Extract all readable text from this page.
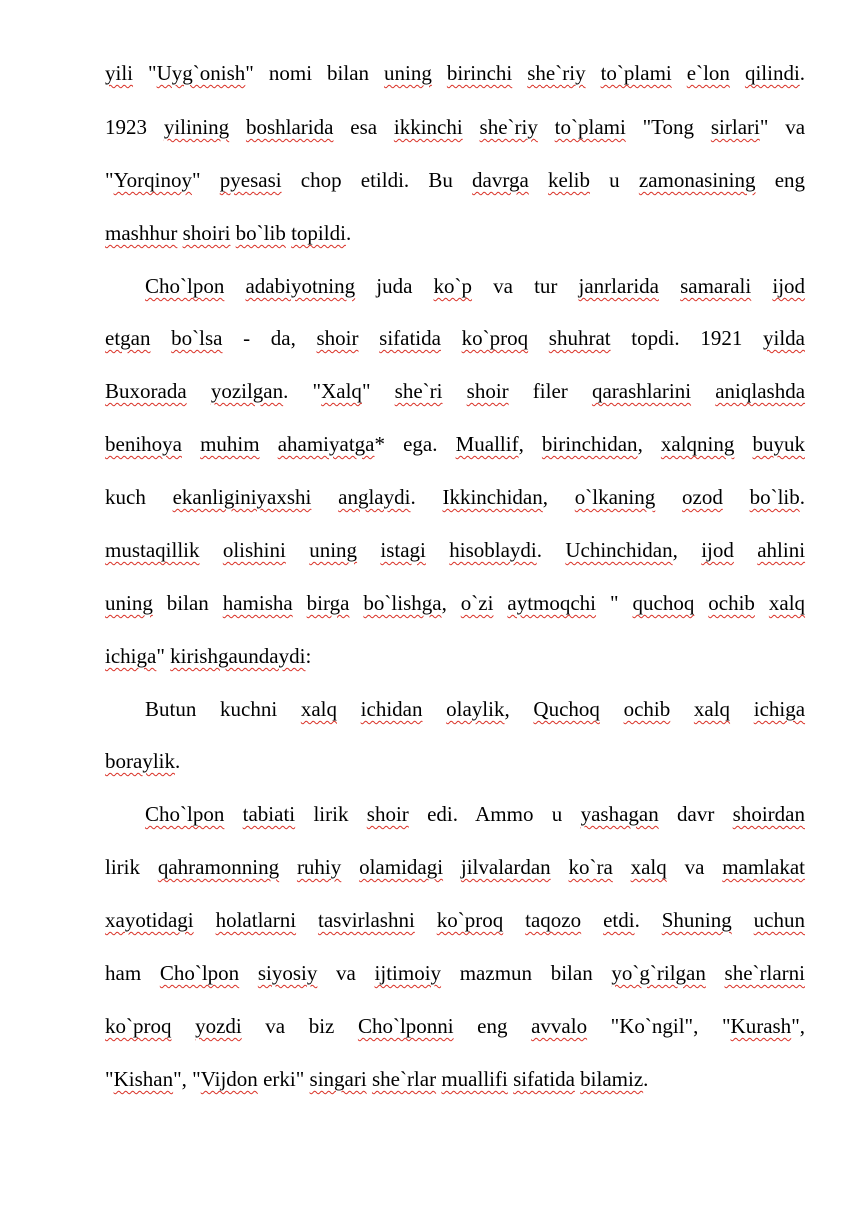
yili "Uyg`onish" nomi bilan uning birinchi she`riy to`plami e`lon qilindi.
1923 yilining boshlarida esa ikkinchi she`riy to`plami "Tong sirlari" va
"Yorqinoy" pyesasi chop etildi. Bu davrga kelib u zamonasining eng
mashhur shoiri bo`lib topildi.
Cho`lpon adabiyotning juda ko`p va tur janrlarida samarali ijod
etgan bo`lsa - da, shoir sifatida ko`proq shuhrat topdi. 1921 yilda
Buxorada yozilgan. "Xalq" she`ri shoir filer qarashlarini aniqlashda
benihoya muhim ahamiyatga* ega. Muallif, birinchidan, xalqning buyuk
kuch ekanliginiyaxshi anglaydi. Ikkinchidan, o`lkaning ozod bo`lib.
mustaqillik olishini uning istagi hisoblaydi. Uchinchidan, ijod ahlini
uning bilan hamisha birga bo`lishga, o`zi aytmoqchi " quchoq ochib xalq
ichiga" kirishgaundaydi:
Butun kuchni xalq ichidan olaylik, Quchoq ochib xalq ichiga
boraylik.
Cho`lpon tabiati lirik shoir edi. Ammo u yashagan davr shoirdan
lirik qahramonning ruhiy olamidagi jilvalardan ko`ra xalq va mamlakat
xayotidagi holatlarni tasvirlashni ko`proq taqozo etdi. Shuning uchun
ham Cho`lpon siyosiy va ijtimoiy mazmun bilan yo`g`rilgan she`rlarni
ko`proq yozdi va biz Cho`lponni eng avvalo "Ko`ngil", "Kurash",
"Kishan", "Vijdon erki" singari she`rlar muallifi sifatida bilamiz.
